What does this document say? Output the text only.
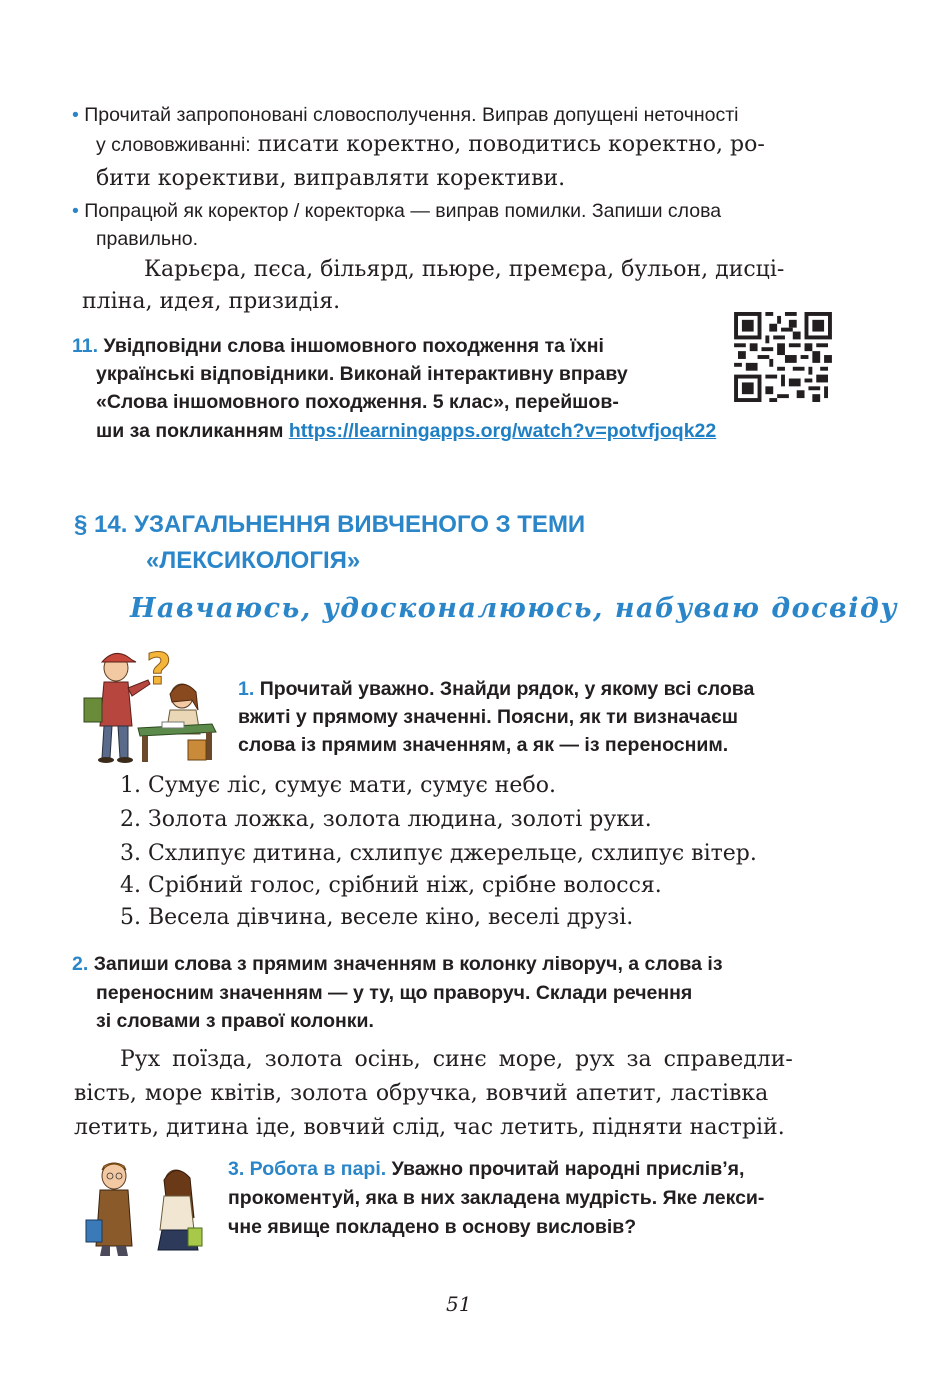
• Прочитай запропоновані словосполучення. Виправ допущені неточності
у слововживанні: писати коректно, поводитись коректно, ро-
бити корективи, виправляти корективи.
• Попрацюй як коректор / коректорка — виправ помилки. Запиши слова
правильно.
Карьєра, пєса, більярд, пьюре, премєра, бульон, дисці-
пліна, идея, призидія.
11. Увідповідни слова іншомовного походження та їхні
українські відповідники. Виконай інтерактивну вправу
«Слова іншомовного походження. 5 клас», перейшов-
ши за покликанням https://learningapps.org/watch?v=potvfjoqk22
§ 14. УЗАГАЛЬНЕННЯ ВИВЧЕНОГО З ТЕМИ
«ЛЕКСИКОЛОГІЯ»
Навчаюсь, удосконалююсь, набуваю досвіду
?	1. Прочитай уважно. Знайди рядок, у якому всі слова
вжиті у прямому значенні. Поясни, як ти визначаєш
слова із прямим значенням, а як — із переносним.
1. Сумує ліс, сумує мати, сумує небо.
2. Золота ложка, золота людина, золоті руки.
3. Схлипує дитина, схлипує джерельце, схлипує вітер.
4. Срібний голос, срібний ніж, срібне волосся.
5. Весела дівчина, веселе кіно, веселі друзі.
2. Запиши слова з прямим значенням в колонку ліворуч, а слова із
переносним значенням — у ту, що праворуч. Склади речення
зі словами з правої колонки.
Рух поїзда, золота осінь, синє море, рух за справедли-
вість, море квітів, золота обручка, вовчий апетит, ластівка
летить, дитина іде, вовчий слід, час летить, підняти настрій.
3. Робота в парі. Уважно прочитай народні прислів’я,
прокоментуй, яка в них закладена мудрість. Яке лекси-
чне явище покладено в основу висловів?
51
